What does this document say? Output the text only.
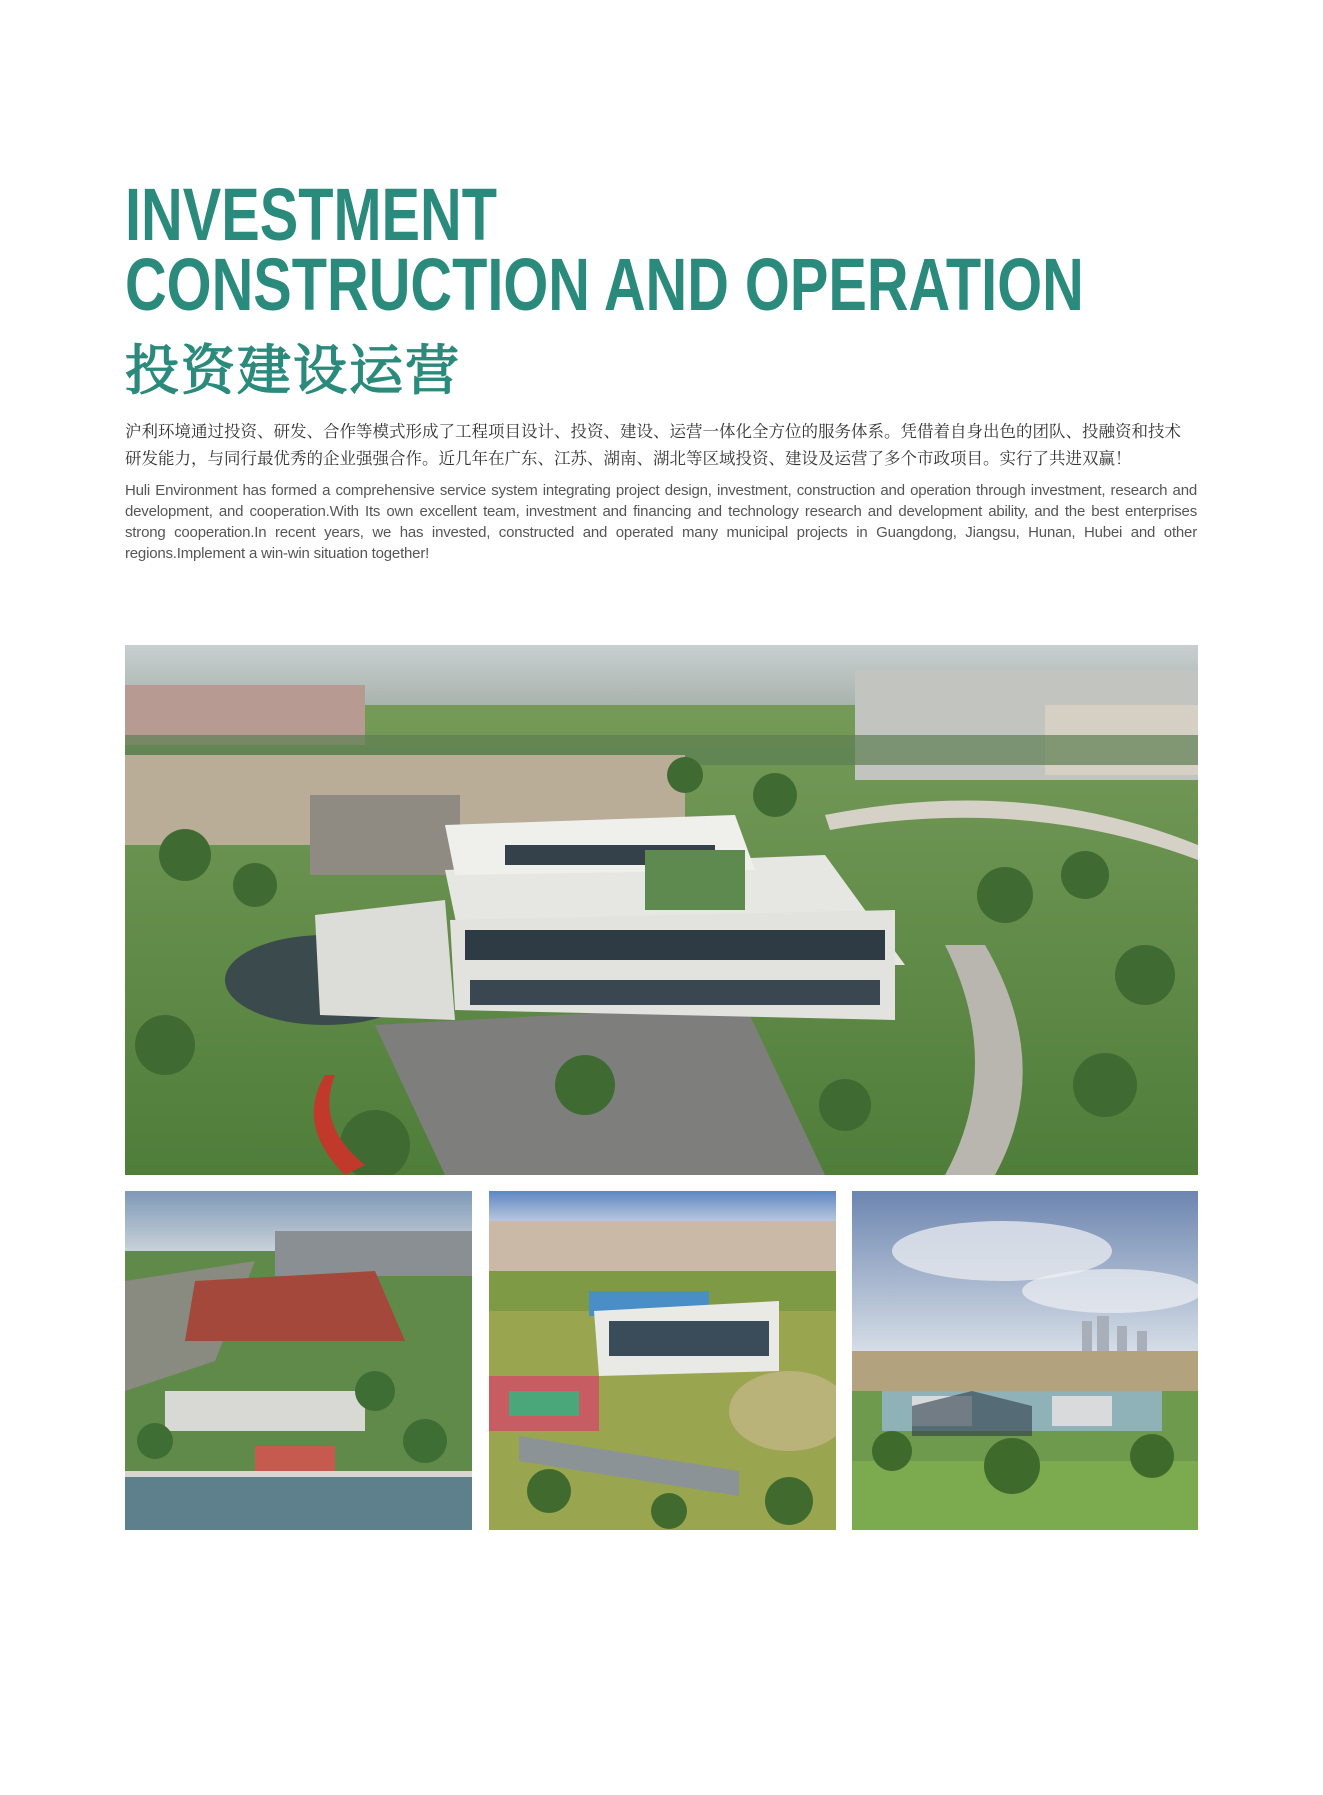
INVESTMENT
CONSTRUCTION AND OPERATION
投资建设运营

沪利环境通过投资、研发、合作等模式形成了工程项目设计、投资、建设、运营一体化全方位的服务体系。凭借着自身出色的团队、投融资和技术研发能力，与同行最优秀的企业强强合作。近几年在广东、江苏、湖南、湖北等区域投资、建设及运营了多个市政项目。实行了共进双赢！

Huli Environment has formed a comprehensive service system integrating project design, investment, construction and operation through investment, research and development, and cooperation.With Its own excellent team, investment and financing and technology research and development ability, and the best enterprises strong cooperation.In recent years, we has invested, constructed and operated many municipal projects in Guangdong, Jiangsu, Hunan, Hubei and other regions.Implement a win-win situation together!
